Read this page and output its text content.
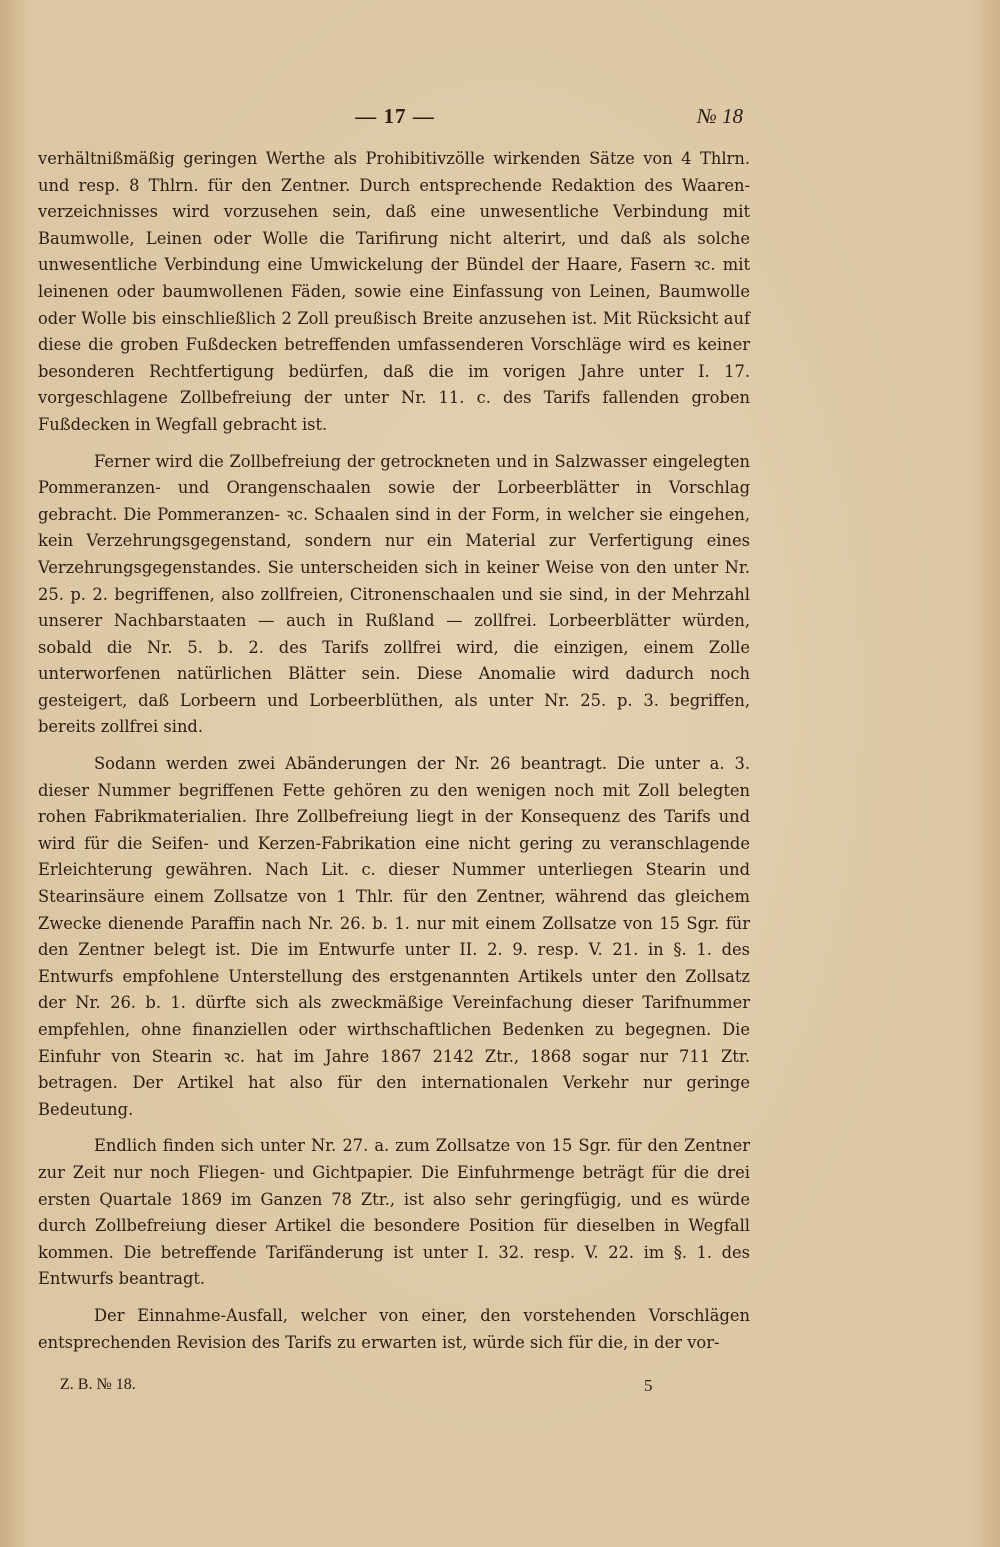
— 17 —	№ 18

verhältnißmäßig geringen Werthe als Prohibitivzölle wirkenden Sätze von 4 Thlrn. und resp. 8 Thlrn. für den Zentner. Durch entsprechende Redaktion des Waaren-verzeichnisses wird vorzusehen sein, daß eine unwesentliche Verbindung mit Baumwolle, Leinen oder Wolle die Tarifirung nicht alterirt, und daß als solche unwesentliche Verbindung eine Umwickelung der Bündel der Haare, Fasern ꝛc. mit leinenen oder baumwollenen Fäden, sowie eine Einfassung von Leinen, Baumwolle oder Wolle bis einschließlich 2 Zoll preußisch Breite anzusehen ist. Mit Rücksicht auf diese die groben Fußdecken betreffenden umfassenderen Vorschläge wird es keiner besonderen Rechtfertigung bedürfen, daß die im vorigen Jahre unter I. 17. vorgeschlagene Zollbefreiung der unter Nr. 11. c. des Tarifs fallenden groben Fußdecken in Wegfall gebracht ist.

Ferner wird die Zollbefreiung der getrockneten und in Salzwasser eingelegten Pommeranzen- und Orangenschaalen sowie der Lorbeerblätter in Vorschlag gebracht. Die Pommeranzen- ꝛc. Schaalen sind in der Form, in welcher sie eingehen, kein Verzehrungsgegenstand, sondern nur ein Material zur Verfertigung eines Verzehrungsgegenstandes. Sie unterscheiden sich in keiner Weise von den unter Nr. 25. p. 2. begriffenen, also zollfreien, Citronenschaalen und sie sind, in der Mehrzahl unserer Nachbarstaaten — auch in Rußland — zollfrei. Lorbeerblätter würden, sobald die Nr. 5. b. 2. des Tarifs zollfrei wird, die einzigen, einem Zolle unterworfenen natürlichen Blätter sein. Diese Anomalie wird dadurch noch gesteigert, daß Lorbeern und Lorbeerblüthen, als unter Nr. 25. p. 3. begriffen, bereits zollfrei sind.

Sodann werden zwei Abänderungen der Nr. 26 beantragt. Die unter a. 3. dieser Nummer begriffenen Fette gehören zu den wenigen noch mit Zoll belegten rohen Fabrikmaterialien. Ihre Zollbefreiung liegt in der Konsequenz des Tarifs und wird für die Seifen- und Kerzen-Fabrikation eine nicht gering zu veranschlagende Erleichterung gewähren. Nach Lit. c. dieser Nummer unterliegen Stearin und Stearinsäure einem Zollsatze von 1 Thlr. für den Zentner, während das gleichem Zwecke dienende Paraffin nach Nr. 26. b. 1. nur mit einem Zollsatze von 15 Sgr. für den Zentner belegt ist. Die im Entwurfe unter II. 2. 9. resp. V. 21. in §. 1. des Entwurfs empfohlene Unterstellung des erstgenannten Artikels unter den Zollsatz der Nr. 26. b. 1. dürfte sich als zweckmäßige Vereinfachung dieser Tarifnummer empfehlen, ohne finanziellen oder wirthschaftlichen Bedenken zu begegnen. Die Einfuhr von Stearin ꝛc. hat im Jahre 1867 2142 Ztr., 1868 sogar nur 711 Ztr. betragen. Der Artikel hat also für den internationalen Verkehr nur geringe Bedeutung.

Endlich finden sich unter Nr. 27. a. zum Zollsatze von 15 Sgr. für den Zentner zur Zeit nur noch Fliegen- und Gichtpapier. Die Einfuhrmenge beträgt für die drei ersten Quartale 1869 im Ganzen 78 Ztr., ist also sehr geringfügig, und es würde durch Zollbefreiung dieser Artikel die besondere Position für dieselben in Wegfall kommen. Die betreffende Tarifänderung ist unter I. 32. resp. V. 22. im §. 1. des Entwurfs beantragt.

Der Einnahme-Ausfall, welcher von einer, den vorstehenden Vorschlägen entsprechenden Revision des Tarifs zu erwarten ist, würde sich für die, in der vor-

Z. B. № 18.	5
